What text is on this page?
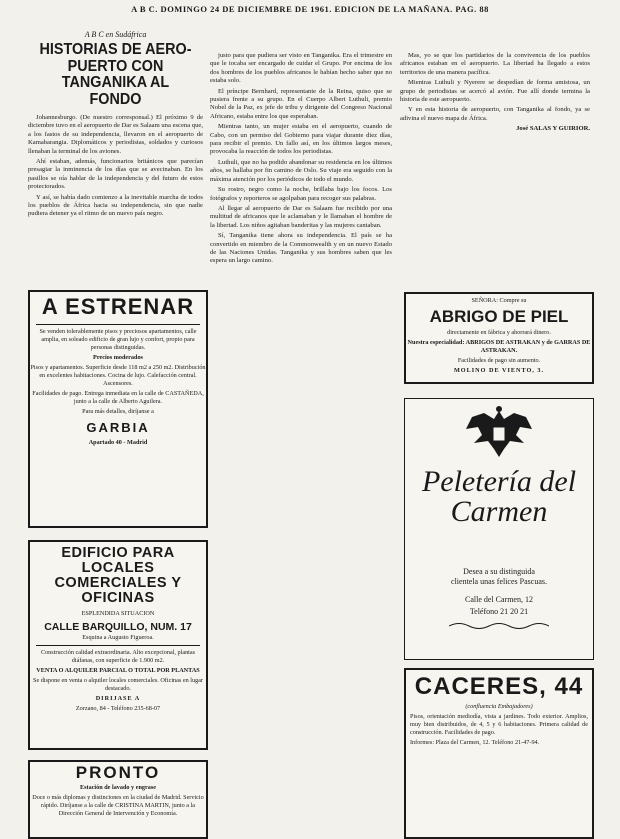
A B C. DOMINGO 24 DE DICIEMBRE DE 1961. EDICION DE LA MAÑANA. PAG. 88
A B C en Sudáfrica
HISTORIAS DE AERO-PUERTO CON TANGANIKA AL FONDO

Johannesburgo. (De nuestro corresponsal.) El próximo 9 de diciembre tuvo en el aeropuerto de Dar es Salaam una escena que, a los fastos de su independencia, llevaron en el aeropuerto de Kamabarangia. Diplomáticos y periodistas, soldados y curiosos llenaban la terminal de los aviones.

Ahí estaban, además, funcionarios británicos que parecían presagiar la inminencia de los días que se avecinaban. En los pasillos se oía hablar de la independencia y del futuro de estos protectorados.

Y así, se había dado comienzo a la inevitable marcha de todos los pueblos de África hacia su independencia, sin que nadie pudiera detener ya el ritmo de un nuevo país negro.

justo para que pudiera ser visto en Tanganika. Era el trimestre en que le tocaba ser encargado de cuidar el Grupo. Por encima de los dos hombres de los pueblos africanos le habían hecho saber que no estaba solo.

El príncipe Bernhard, representante de la Reina, quiso que se pusiera frente a su grupo. En el Cuerpo Albert Luthuli, premio Nobel de la Paz, ex jefe de tribu y dirigente del Congreso Nacional Africano, estaba entre los que esperaban.

Mientras tanto, un mujer estaba en el aeropuerto, cuando de Cabo, con un permiso del Gobierno para viajar durante diez días, para recibir el premio. Un fallo así, en los últimos largos meses, provocaba la reacción de todos los periodistas.

Luthuli, que no ha podido abandonar su residencia en los últimos años, se hallaba por fin camino de Oslo. Su viaje era seguido con la máxima atención por los periódicos de todo el mundo.

Su rostro, negro como la noche, brillaba bajo los focos. Los fotógrafos y reporteros se agolpaban para recoger sus palabras.

Al llegar al aeropuerto de Dar es Salaam fue recibido por una multitud de africanos que le aclamaban y le llamaban el hombre de la libertad. Los niños agitaban banderitas y las mujeres cantaban.

Sí, Tanganika tiene ahora su independencia. El país se ha convertido en miembro de la Commonwealth y en un nuevo Estado de las Naciones Unidas. Tanganika y sus hombres saben que les espera un largo camino.

Mas, yo se que los partidarios de la convivencia de los pueblos africanos estaban en el aeropuerto. La libertad ha llegado a estos territorios de una manera pacífica.

Mientras Luthuli y Nyerere se despedían de forma amistosa, un grupo de periodistas se acercó al avión. Fue allí donde termina la historia de este aeropuerto.

Y en esta historia de aeropuerto, con Tanganika al fondo, ya se adivina el nuevo mapa de África.

José SALAS Y GUIRIOR.
A ESTRENAR

Se venden tolerablemente pisos y preciosos apartamentos, calle amplia, en soleado edificio de gran lujo y confort, propio para personas distinguidas.

Precios moderados

Pisos y apartamentos. Superficie desde 118 m2 a 250 m2. Distribución en excelentes habitaciones. Cocina de lujo. Calefacción central. Ascensores.

Facilidades de pago. Entrega inmediata en la calle de CASTAÑEDA, junto a la calle de Alberto Aguilera.

Para más detalles, diríjanse a

GARBIA

Apartado 40 - Madrid

EDIFICIO PARA LOCALES COMERCIALES Y OFICINAS

ESPLENDIDA SITUACION

CALLE BARQUILLO, NUM. 17

Esquina a Augusto Figueroa.

Construcción calidad extraordinaria. Alto excepcional, plantas diáfanas, con superficie de 1.900 m2.

VENTA O ALQUILER PARCIAL O TOTAL POR PLANTAS

Se dispone en venta o alquiler locales comerciales. Oficinas en lugar destacado.

DIRIJASE A

Zorzano, 84 - Teléfono 235-68-07

PRONTO

Estación de lavado y engrase

Doce o más diplomas y distinciones en la ciudad de Madrid. Servicio rápido. Diríjanse a la calle de CRISTINA MARTIN, junto a la Dirección General de Intervención y Economía.

SEÑORA: Compre su

ABRIGO DE PIEL

directamente en fábrica y ahorrará dinero.

Nuestra especialidad: ABRIGOS DE ASTRAKAN y de GARRAS DE ASTRAKAN.

Facilidades de pago sin aumento.

MOLINO DE VIENTO, 3.

Peletería del Carmen

Desea a su distinguida clientela unas felices Pascuas.

Calle del Carmen, 12

Teléfono 21 20 21

CACERES, 44

(confluencia Embajadores)

Pisos, orientación mediodía, vista a jardines. Todo exterior. Amplios, muy bien distribuidos, de 4, 5 y 6 habitaciones. Primera calidad de construcción. Facilidades de pago.

Informes: Plaza del Carmen, 12. Teléfono 21-47-94.
